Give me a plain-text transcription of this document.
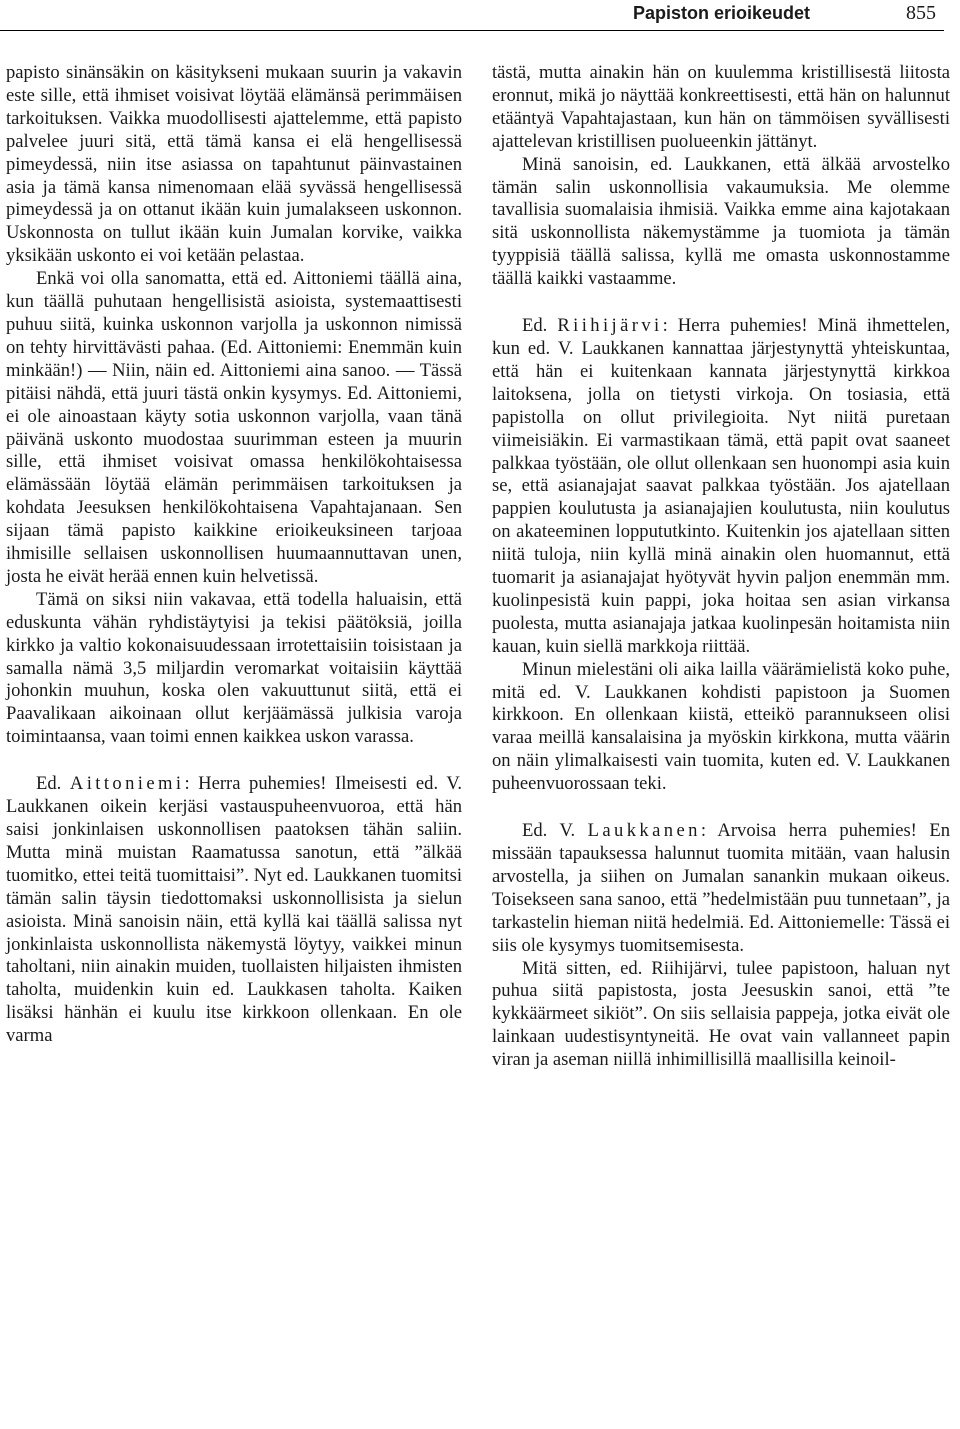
Papiston erioikeudet	855

papisto sinänsäkin on käsitykseni mukaan suurin ja vakavin este sille, että ihmiset voisivat löytää elämänsä perimmäisen tarkoituksen. Vaikka muodollisesti ajattelemme, että papisto palvelee juuri sitä, että tämä kansa ei elä hengellisessä pimeydessä, niin itse asiassa on tapahtunut päinvastainen asia ja tämä kansa nimenomaan elää syvässä hengellisessä pimeydessä ja on ottanut ikään kuin jumalakseen uskonnon. Uskonnosta on tullut ikään kuin Jumalan korvike, vaikka yksikään uskonto ei voi ketään pelastaa.

Enkä voi olla sanomatta, että ed. Aittoniemi täällä aina, kun täällä puhutaan hengellisistä asioista, systemaattisesti puhuu siitä, kuinka uskonnon varjolla ja uskonnon nimissä on tehty hirvittävästi pahaa. (Ed. Aittoniemi: Enemmän kuin minkään!) — Niin, näin ed. Aittoniemi aina sanoo. — Tässä pitäisi nähdä, että juuri tästä onkin kysymys. Ed. Aittoniemi, ei ole ainoastaan käyty sotia uskonnon varjolla, vaan tänä päivänä uskonto muodostaa suurimman esteen ja muurin sille, että ihmiset voisivat omassa henkilökohtaisessa elämässään löytää elämän perimmäisen tarkoituksen ja kohdata Jeesuksen henkilökohtaisena Vapahtajanaan. Sen sijaan tämä papisto kaikkine erioikeuksineen tarjoaa ihmisille sellaisen uskonnollisen huumaannuttavan unen, josta he eivät herää ennen kuin helvetissä.

Tämä on siksi niin vakavaa, että todella haluaisin, että eduskunta vähän ryhdistäytyisi ja tekisi päätöksiä, joilla kirkko ja valtio kokonaisuudessaan irrotettaisiin toisistaan ja samalla nämä 3,5 miljardin veromarkat voitaisiin käyttää johonkin muuhun, koska olen vakuuttunut siitä, että ei Paavalikaan aikoinaan ollut kerjäämässä julkisia varoja toimintaansa, vaan toimi ennen kaikkea uskon varassa.

Ed. Aittoniemi: Herra puhemies! Ilmeisesti ed. V. Laukkanen oikein kerjäsi vastauspuheenvuoroa, että hän saisi jonkinlaisen uskonnollisen paatoksen tähän saliin. Mutta minä muistan Raamatussa sanotun, että ”älkää tuomitko, ettei teitä tuomittaisi”. Nyt ed. Laukkanen tuomitsi tämän salin täysin tiedottomaksi uskonnollisista ja sielun asioista. Minä sanoisin näin, että kyllä kai täällä salissa nyt jonkinlaista uskonnollista näkemystä löytyy, vaikkei minun taholtani, niin ainakin muiden, tuollaisten hiljaisten ihmisten taholta, muidenkin kuin ed. Laukkasen taholta. Kaiken lisäksi hänhän ei kuulu itse kirkkoon ollenkaan. En ole varma

tästä, mutta ainakin hän on kuulemma kristillisestä liitosta eronnut, mikä jo näyttää konkreettisesti, että hän on halunnut etääntyä Vapahtajastaan, kun hän on tämmöisen syvällisesti ajattelevan kristillisen puolueenkin jättänyt.

Minä sanoisin, ed. Laukkanen, että älkää arvostelko tämän salin uskonnollisia vakaumuksia. Me olemme tavallisia suomalaisia ihmisiä. Vaikka emme aina kajotakaan sitä uskonnollista näkemystämme ja tuomiota ja tämän tyyppisiä täällä salissa, kyllä me omasta uskonnostamme täällä kaikki vastaamme.

Ed. Riihijärvi: Herra puhemies! Minä ihmettelen, kun ed. V. Laukkanen kannattaa järjestynyttä yhteiskuntaa, että hän ei kuitenkaan kannata järjestynyttä kirkkoa laitoksena, jolla on tietysti virkoja. On tosiasia, että papistolla on ollut privilegioita. Nyt niitä puretaan viimeisiäkin. Ei varmastikaan tämä, että papit ovat saaneet palkkaa työstään, ole ollut ollenkaan sen huonompi asia kuin se, että asianajajat saavat palkkaa työstään. Jos ajatellaan pappien koulutusta ja asianajajien koulutusta, niin koulutus on akateeminen loppututkinto. Kuitenkin jos ajatellaan sitten niitä tuloja, niin kyllä minä ainakin olen huomannut, että tuomarit ja asianajajat hyötyvät hyvin paljon enemmän mm. kuolinpesistä kuin pappi, joka hoitaa sen asian virkansa puolesta, mutta asianajaja jatkaa kuolinpesän hoitamista niin kauan, kuin siellä markkoja riittää.

Minun mielestäni oli aika lailla väärämielistä koko puhe, mitä ed. V. Laukkanen kohdisti papistoon ja Suomen kirkkoon. En ollenkaan kiistä, etteikö parannukseen olisi varaa meillä kansalaisina ja myöskin kirkkona, mutta väärin on näin ylimalkaisesti vain tuomita, kuten ed. V. Laukkanen puheenvuorossaan teki.

Ed. V. Laukkanen: Arvoisa herra puhemies! En missään tapauksessa halunnut tuomita mitään, vaan halusin arvostella, ja siihen on Jumalan sanankin mukaan oikeus. Toisekseen sana sanoo, että ”hedelmistään puu tunnetaan”, ja tarkastelin hieman niitä hedelmiä. Ed. Aittoniemelle: Tässä ei siis ole kysymys tuomitsemisesta.

Mitä sitten, ed. Riihijärvi, tulee papistoon, haluan nyt puhua siitä papistosta, josta Jeesuskin sanoi, että ”te kykkäärmeet sikiöt”. On siis sellaisia pappeja, jotka eivät ole lainkaan uudestisyntyneitä. He ovat vain vallanneet papin viran ja aseman niillä inhimillisillä maallisilla keinoil-
